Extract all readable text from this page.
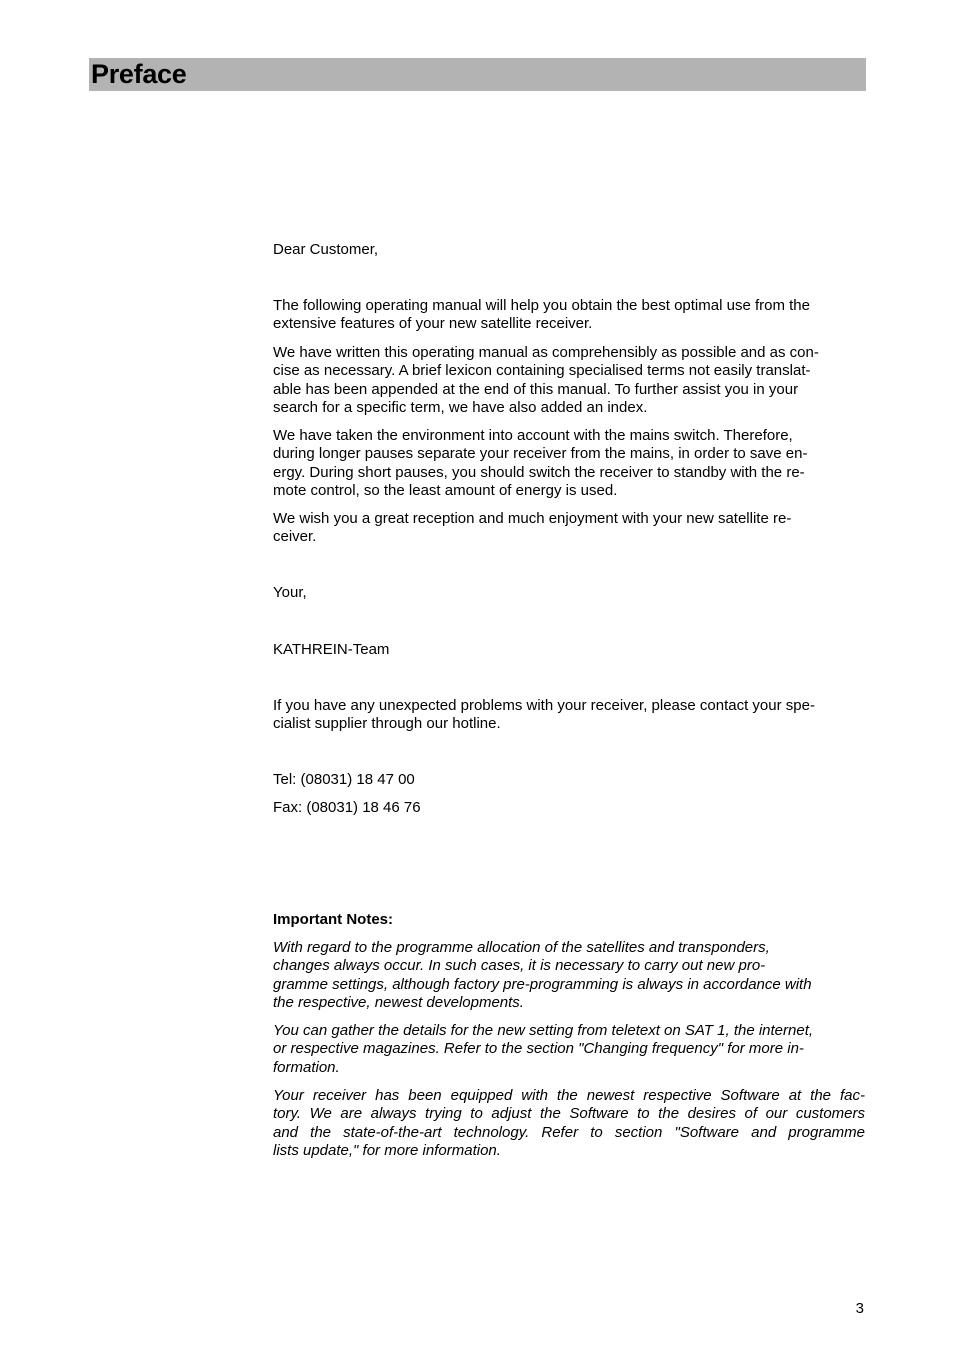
Preface

Dear Customer,

The following operating manual will help you obtain the best optimal use from the
extensive features of your new satellite receiver.

We have written this operating manual as comprehensibly as possible and as con-
cise as necessary. A brief lexicon containing specialised terms not easily translat-
able has been appended at the end of this manual. To further assist you in your
search for a specific term, we have also added an index.

We have taken the environment into account with the mains switch. Therefore,
during longer pauses separate your receiver from the mains, in order to save en-
ergy. During short pauses, you should switch the receiver to standby with the re-
mote control, so the least amount of energy is used.

We wish you a great reception and much enjoyment with your new satellite re-
ceiver.

Your,

KATHREIN-Team

If you have any unexpected problems with your receiver, please contact your spe-
cialist supplier through our hotline.

Tel: (08031) 18 47 00

Fax: (08031) 18 46 76

Important Notes:

With regard to the programme allocation of the satellites and transponders,
changes always occur. In such cases, it is necessary to carry out new pro-
gramme settings, although factory pre-programming is always in accordance with
the respective, newest developments.

You can gather the details for the new setting from teletext on SAT 1, the internet,
or respective magazines. Refer to the section "Changing frequency" for more in-
formation.

Your receiver has been equipped with the newest respective Software at the fac-
tory. We are always trying to adjust the Software to the desires of our customers
and the state-of-the-art technology. Refer to section "Software and programme
lists update," for more information.

3
